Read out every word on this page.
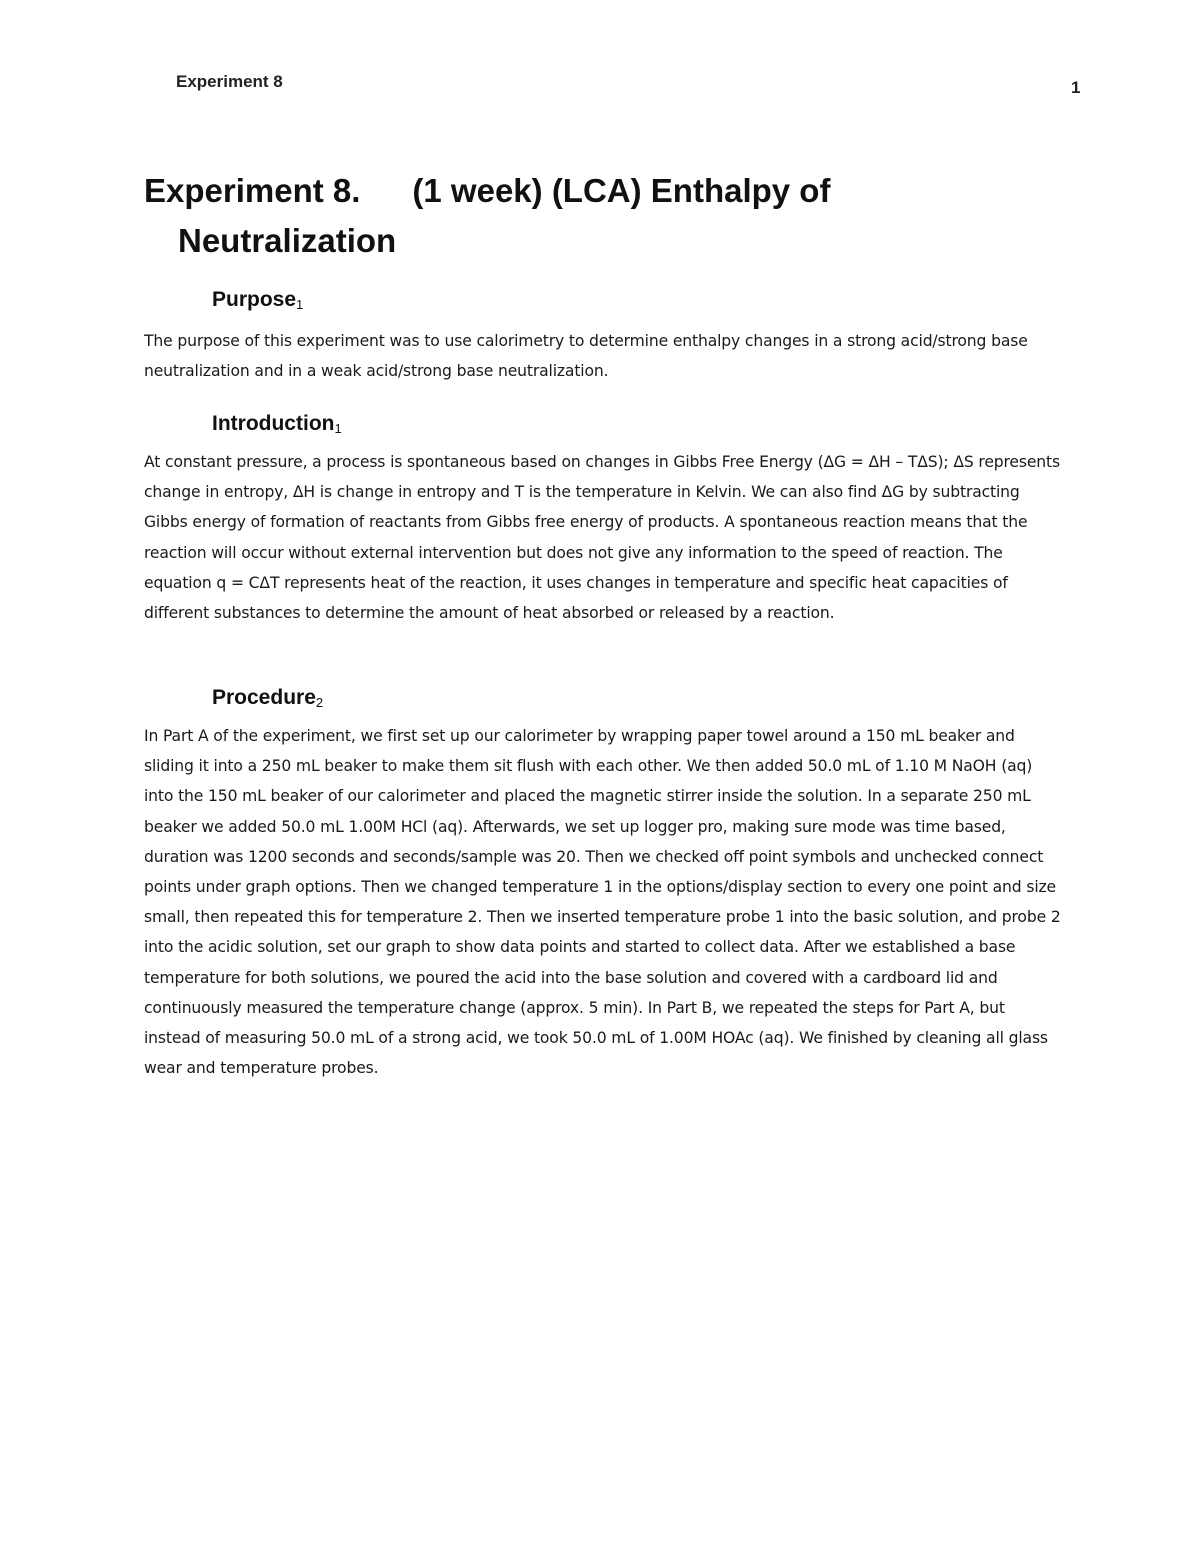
Experiment 8	1
Experiment 8. (1 week) (LCA) Enthalpy of
Neutralization
Purpose$_1$

The purpose of this experiment was to use calorimetry to determine enthalpy changes in a strong acid/strong base neutralization and in a weak acid/strong base neutralization.

Introduction$_1$

At constant pressure, a process is spontaneous based on changes in Gibbs Free Energy (ΔG = ΔH – TΔS); ΔS represents change in entropy, ΔH is change in entropy and T is the temperature in Kelvin. We can also find ΔG by subtracting Gibbs energy of formation of reactants from Gibbs free energy of products. A spontaneous reaction means that the reaction will occur without external intervention but does not give any information to the speed of reaction. The equation q = CΔT represents heat of the reaction, it uses changes in temperature and specific heat capacities of different substances to determine the amount of heat absorbed or released by a reaction.

Procedure$_2$

In Part A of the experiment, we first set up our calorimeter by wrapping paper towel around a 150 mL beaker and sliding it into a 250 mL beaker to make them sit flush with each other. We then added 50.0 mL of 1.10 M NaOH (aq) into the 150 mL beaker of our calorimeter and placed the magnetic stirrer inside the solution. In a separate 250 mL beaker we added 50.0 mL 1.00M HCl (aq). Afterwards, we set up logger pro, making sure mode was time based, duration was 1200 seconds and seconds/sample was 20. Then we checked off point symbols and unchecked connect points under graph options. Then we changed temperature 1 in the options/display section to every one point and size small, then repeated this for temperature 2. Then we inserted temperature probe 1 into the basic solution, and probe 2 into the acidic solution, set our graph to show data points and started to collect data. After we established a base temperature for both solutions, we poured the acid into the base solution and covered with a cardboard lid and continuously measured the temperature change (approx. 5 min). In Part B, we repeated the steps for Part A, but instead of measuring 50.0 mL of a strong acid, we took 50.0 mL of 1.00M HOAc (aq). We finished by cleaning all glass wear and temperature probes.
